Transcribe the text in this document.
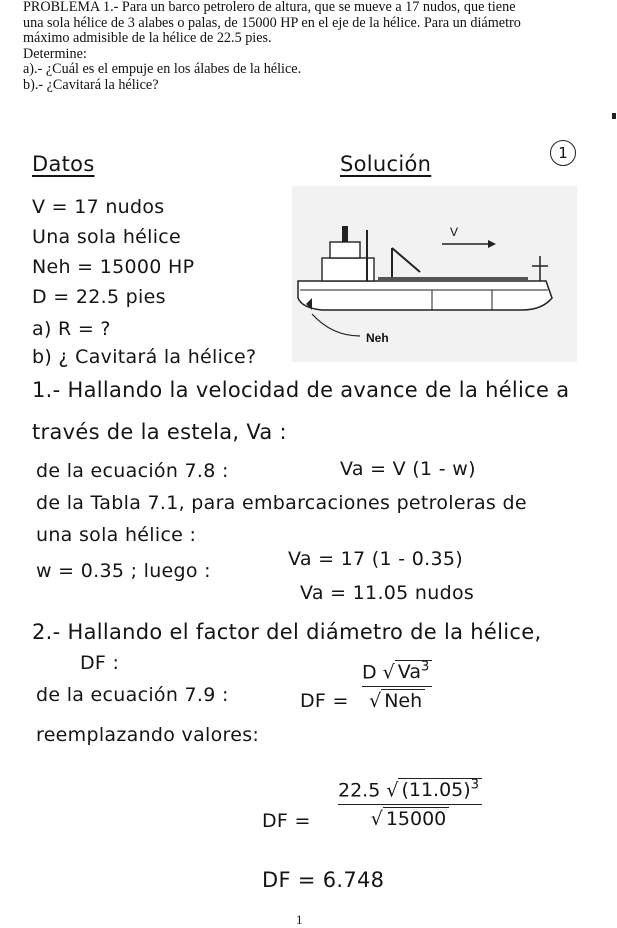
PROBLEMA 1.- Para un barco petrolero de altura, que se mueve a 17 nudos, que tiene
una sola hélice de 3 alabes o palas, de 15000 HP en el eje de la hélice. Para un diámetro
máximo admisible de la hélice de 22.5 pies.
Determine:
a).- ¿Cuál es el empuje en los álabes de la hélice.
b).- ¿Cavitará la hélice?
1
Datos
V = 17 nudos
Una sola hélice
Neh = 15000 HP
D = 22.5 pies
a) R = ?
b) ¿ Cavitará la hélice?
Solución
V
Neh
1.- Hallando la velocidad de avance de la hélice a
través de la estela, Va :
de la ecuación 7.8 :	Va = V (1 - w)
de la Tabla 7.1, para embarcaciones petroleras de
una sola hélice :
w = 0.35 ; luego :
Va = 17 (1 - 0.35)
Va = 11.05 nudos
2.- Hallando el factor del diámetro de la hélice,
DF :
de la ecuación 7.9 :
reemplazando valores:
DF =
D √ Va$^3$
√ Neh
DF =
22.5 √ $(11.05)^3$
√ 15000
DF = 6.748
1
